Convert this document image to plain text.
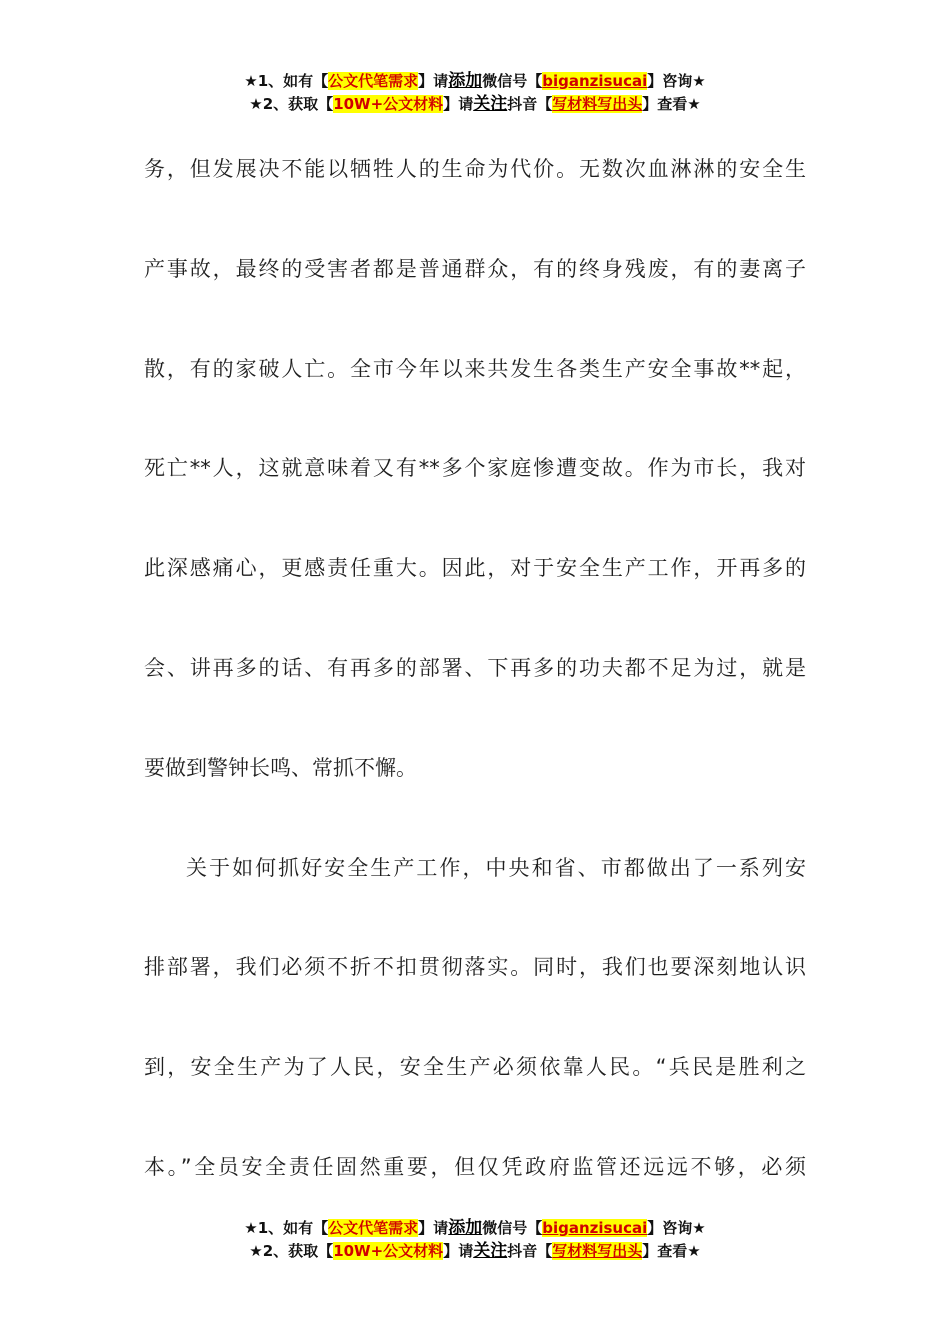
★1、如有【公文代笔需求】请添加微信号【biganzisucai】咨询★
★2、获取【10W+公文材料】请关注抖音【写材料写出头】查看★
务，但发展决不能以牺牲人的生命为代价。无数次血淋淋的安全生
产事故，最终的受害者都是普通群众，有的终身残废，有的妻离子
散，有的家破人亡。全市今年以来共发生各类生产安全事故**起，
死亡**人，这就意味着又有**多个家庭惨遭变故。作为市长，我对
此深感痛心，更感责任重大。因此，对于安全生产工作，开再多的
会、讲再多的话、有再多的部署、下再多的功夫都不足为过，就是
要做到警钟长鸣、常抓不懈。
关于如何抓好安全生产工作，中央和省、市都做出了一系列安
排部署，我们必须不折不扣贯彻落实。同时，我们也要深刻地认识
到，安全生产为了人民，安全生产必须依靠人民。“兵民是胜利之
本。”全员安全责任固然重要，但仅凭政府监管还远远不够，必须
★1、如有【公文代笔需求】请添加微信号【biganzisucai】咨询★
★2、获取【10W+公文材料】请关注抖音【写材料写出头】查看★
